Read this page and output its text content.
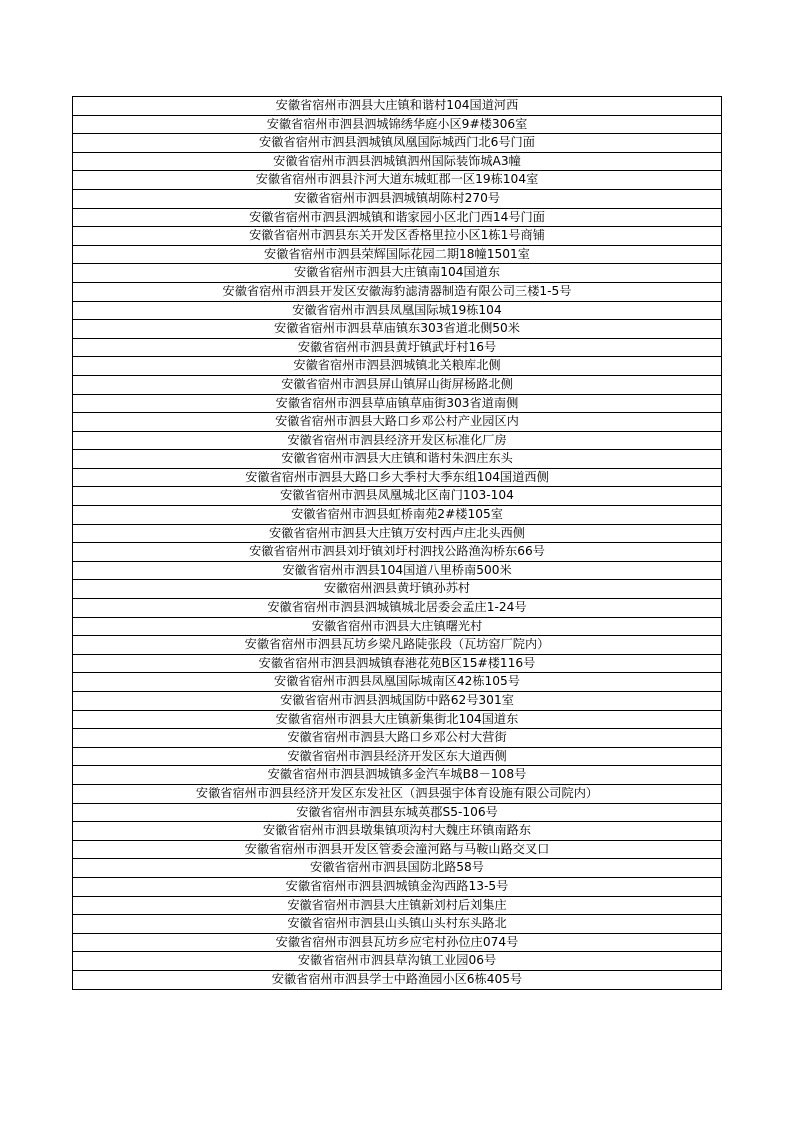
安徽省宿州市泗县大庄镇和谐村104国道河西
安徽省宿州市泗县泗城锦绣华庭小区9#楼306室
安徽省宿州市泗县泗城镇凤凰国际城西门北6号门面
安徽省宿州市泗县泗城镇泗州国际装饰城A3幢
安徽省宿州市泗县汴河大道东城虹郡一区19栋104室
安徽省宿州市泗县泗城镇胡陈村270号
安徽省宿州市泗县泗城镇和谐家园小区北门西14号门面
安徽省宿州市泗县东关开发区香格里拉小区1栋1号商铺
安徽省宿州市泗县荣辉国际花园二期18幢1501室
安徽省宿州市泗县大庄镇南104国道东
安徽省宿州市泗县开发区安徽海豹滤清器制造有限公司三楼1-5号
安徽省宿州市泗县凤凰国际城19栋104
安徽省宿州市泗县草庙镇东303省道北侧50米
安徽省宿州市泗县黄圩镇武圩村16号
安徽省宿州市泗县泗城镇北关粮库北侧
安徽省宿州市泗县屏山镇屏山街屏杨路北侧
安徽省宿州市泗县草庙镇草庙街303省道南侧
安徽省宿州市泗县大路口乡邓公村产业园区内
安徽省宿州市泗县经济开发区标准化厂房
安徽省宿州市泗县大庄镇和谐村朱泗庄东头
安徽省宿州市泗县大路口乡大季村大季东组104国道西侧
安徽省宿州市泗县凤凰城北区南门103-104
安徽省宿州市泗县虹桥南苑2#楼105室
安徽省宿州市泗县大庄镇万安村西卢庄北头西侧
安徽省宿州市泗县刘圩镇刘圩村泗找公路渔沟桥东66号
安徽省宿州市泗县104国道八里桥南500米
安徽宿州泗县黄圩镇孙苏村
安徽省宿州市泗县泗城镇城北居委会孟庄1-24号
安徽省宿州市泗县大庄镇曙光村
安徽省宿州市泗县瓦坊乡梁凡路陡张段（瓦坊窑厂院内）
安徽省宿州市泗县泗城镇春港花苑B区15#楼116号
安徽省宿州市泗县凤凰国际城南区42栋105号
安徽省宿州市泗县泗城国防中路62号301室
安徽省宿州市泗县大庄镇新集街北104国道东
安徽省宿州市泗县大路口乡邓公村大营街
安徽省宿州市泗县经济开发区东大道西侧
安徽省宿州市泗县泗城镇多金汽车城B8－108号
安徽省宿州市泗县经济开发区东发社区（泗县强宇体育设施有限公司院内）
安徽省宿州市泗县东城英郡S5-106号
安徽省宿州市泗县墩集镇项沟村大魏庄环镇南路东
安徽省宿州市泗县开发区管委会潼河路与马鞍山路交叉口
安徽省宿州市泗县国防北路58号
安徽省宿州市泗县泗城镇金沟西路13-5号
安徽省宿州市泗县大庄镇新刘村后刘集庄
安徽省宿州市泗县山头镇山头村东头路北
安徽省宿州市泗县瓦坊乡应宅村孙位庄074号
安徽省宿州市泗县草沟镇工业园06号
安徽省宿州市泗县学士中路渔园小区6栋405号
